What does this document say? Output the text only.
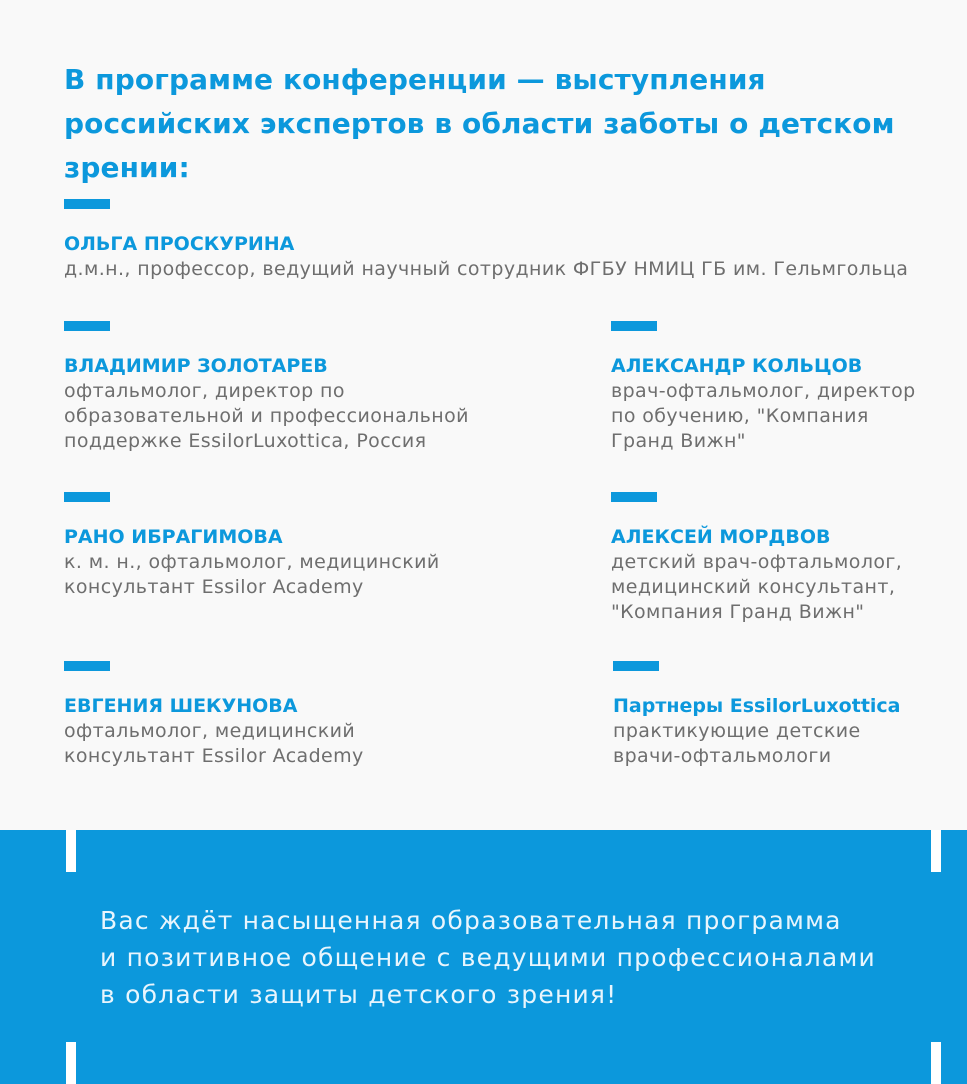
В программе конференции — выступления российских экспертов в области заботы о детском зрении:
ОЛЬГА ПРОСКУРИНА
д.м.н., профессор, ведущий научный сотрудник ФГБУ НМИЦ ГБ им. Гельмгольца
ВЛАДИМИР ЗОЛОТАРЕВ
офтальмолог, директор по
образовательной и профессиональной
поддержке EssilorLuxottica, Россия
АЛЕКСАНДР КОЛЬЦОВ
врач-офтальмолог, директор
по обучению, "Компания
Гранд Вижн"
РАНО ИБРАГИМОВА
к. м. н., офтальмолог, медицинский
консультант Essilor Academy
АЛЕКСЕЙ МОРДВОВ
детский врач-офтальмолог,
медицинский консультант,
"Компания Гранд Вижн"
ЕВГЕНИЯ ШЕКУНОВА
офтальмолог, медицинский
консультант Essilor Academy
Партнеры EssilorLuxottica
практикующие детские
врачи-офтальмологи

Вас ждёт насыщенная образовательная программа
и позитивное общение с ведущими профессионалами
в области защиты детского зрения!
